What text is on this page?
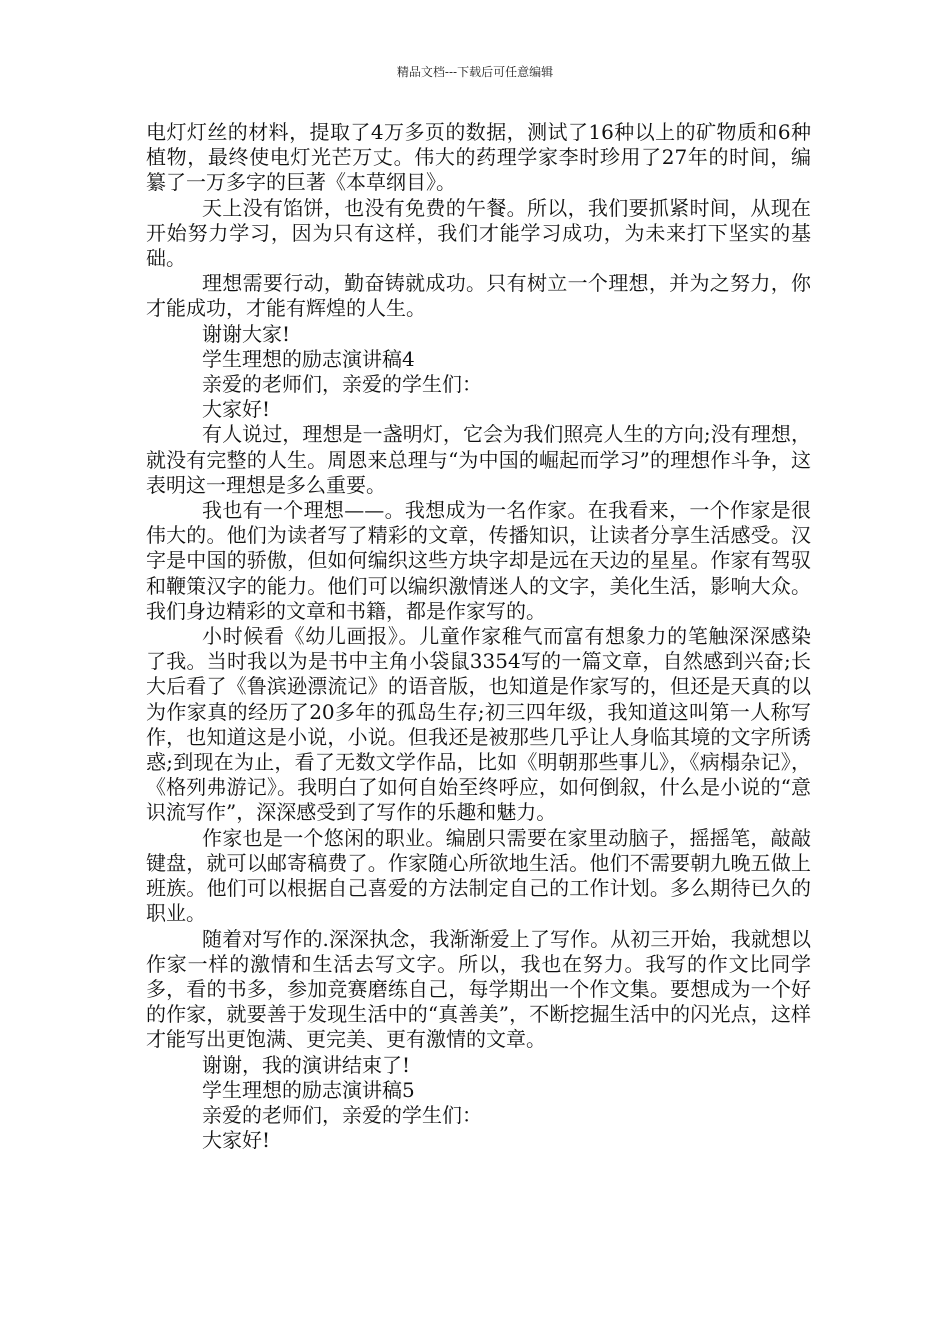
精品文档---下载后可任意编辑

电灯灯丝的材料，提取了4万多页的数据，测试了16种以上的矿物质和6种植物，最终使电灯光芒万丈。伟大的药理学家李时珍用了27年的时间，编纂了一万多字的巨著《本草纲目》。

天上没有馅饼，也没有免费的午餐。所以，我们要抓紧时间，从现在开始努力学习，因为只有这样，我们才能学习成功，为未来打下坚实的基础。

理想需要行动，勤奋铸就成功。只有树立一个理想，并为之努力，你才能成功，才能有辉煌的人生。

谢谢大家!

学生理想的励志演讲稿4

亲爱的老师们，亲爱的学生们：

大家好!

有人说过，理想是一盏明灯，它会为我们照亮人生的方向;没有理想，就没有完整的人生。周恩来总理与“为中国的崛起而学习”的理想作斗争，这表明这一理想是多么重要。

我也有一个理想——。我想成为一名作家。在我看来，一个作家是很伟大的。他们为读者写了精彩的文章，传播知识，让读者分享生活感受。汉字是中国的骄傲，但如何编织这些方块字却是远在天边的星星。作家有驾驭和鞭策汉字的能力。他们可以编织激情迷人的文字，美化生活，影响大众。我们身边精彩的文章和书籍，都是作家写的。

小时候看《幼儿画报》。儿童作家稚气而富有想象力的笔触深深感染了我。当时我以为是书中主角小袋鼠3354写的一篇文章，自然感到兴奋;长大后看了《鲁滨逊漂流记》的语音版，也知道是作家写的，但还是天真的以为作家真的经历了20多年的孤岛生存;初三四年级，我知道这叫第一人称写作，也知道这是小说，小说。但我还是被那些几乎让人身临其境的文字所诱惑;到现在为止，看了无数文学作品，比如《明朝那些事儿》，《病榻杂记》，《格列弗游记》。我明白了如何自始至终呼应，如何倒叙，什么是小说的“意识流写作”，深深感受到了写作的乐趣和魅力。

作家也是一个悠闲的职业。编剧只需要在家里动脑子，摇摇笔，敲敲键盘，就可以邮寄稿费了。作家随心所欲地生活。他们不需要朝九晚五做上班族。他们可以根据自己喜爱的方法制定自己的工作计划。多么期待已久的职业。

随着对写作的.深深执念，我渐渐爱上了写作。从初三开始，我就想以作家一样的激情和生活去写文字。所以，我也在努力。我写的作文比同学多，看的书多，参加竞赛磨练自己，每学期出一个作文集。要想成为一个好的作家，就要善于发现生活中的“真善美”，不断挖掘生活中的闪光点，这样才能写出更饱满、更完美、更有激情的文章。

谢谢，我的演讲结束了!

学生理想的励志演讲稿5

亲爱的老师们，亲爱的学生们：

大家好!
